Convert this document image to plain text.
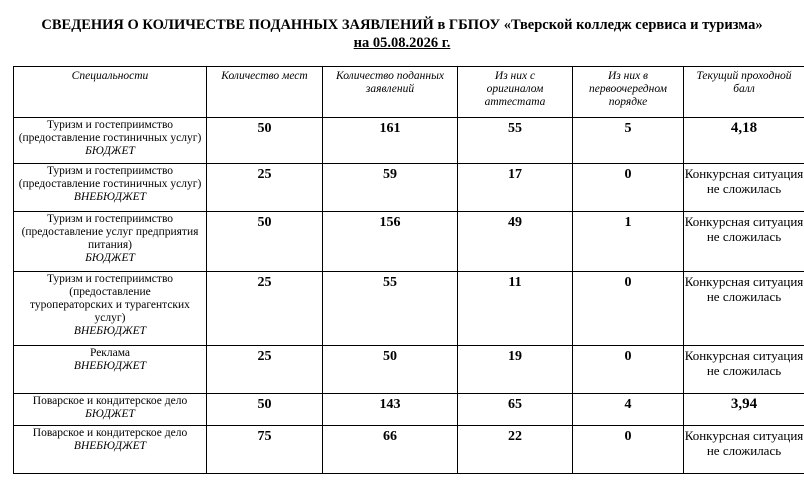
СВЕДЕНИЯ О КОЛИЧЕСТВЕ ПОДАННЫХ ЗАЯВЛЕНИЙ в ГБПОУ «Тверской колледж сервиса и туризма»
на 05.08.2026 г.
Специальности	Количество мест	Количество поданных заявлений	Из них с оригиналом аттестата	Из них в первоочередном порядке	Текущий проходной балл
Туризм и гостеприимство (предоставление гостиничных услуг)
БЮДЖЕТ	50	161	55	5	4,18
Туризм и гостеприимство (предоставление гостиничных услуг)
ВНЕБЮДЖЕТ	25	59	17	0	Конкурсная ситуация не сложилась
Туризм и гостеприимство (предоставление услуг предприятия питания)
БЮДЖЕТ	50	156	49	1	Конкурсная ситуация не сложилась
Туризм и гостеприимство (предоставление туроператорских и турагентских услуг)
ВНЕБЮДЖЕТ	25	55	11	0	Конкурсная ситуация не сложилась
Реклама
ВНЕБЮДЖЕТ	25	50	19	0	Конкурсная ситуация не сложилась
Поварское и кондитерское дело
БЮДЖЕТ	50	143	65	4	3,94
Поварское и кондитерское дело
ВНЕБЮДЖЕТ	75	66	22	0	Конкурсная ситуация не сложилась
